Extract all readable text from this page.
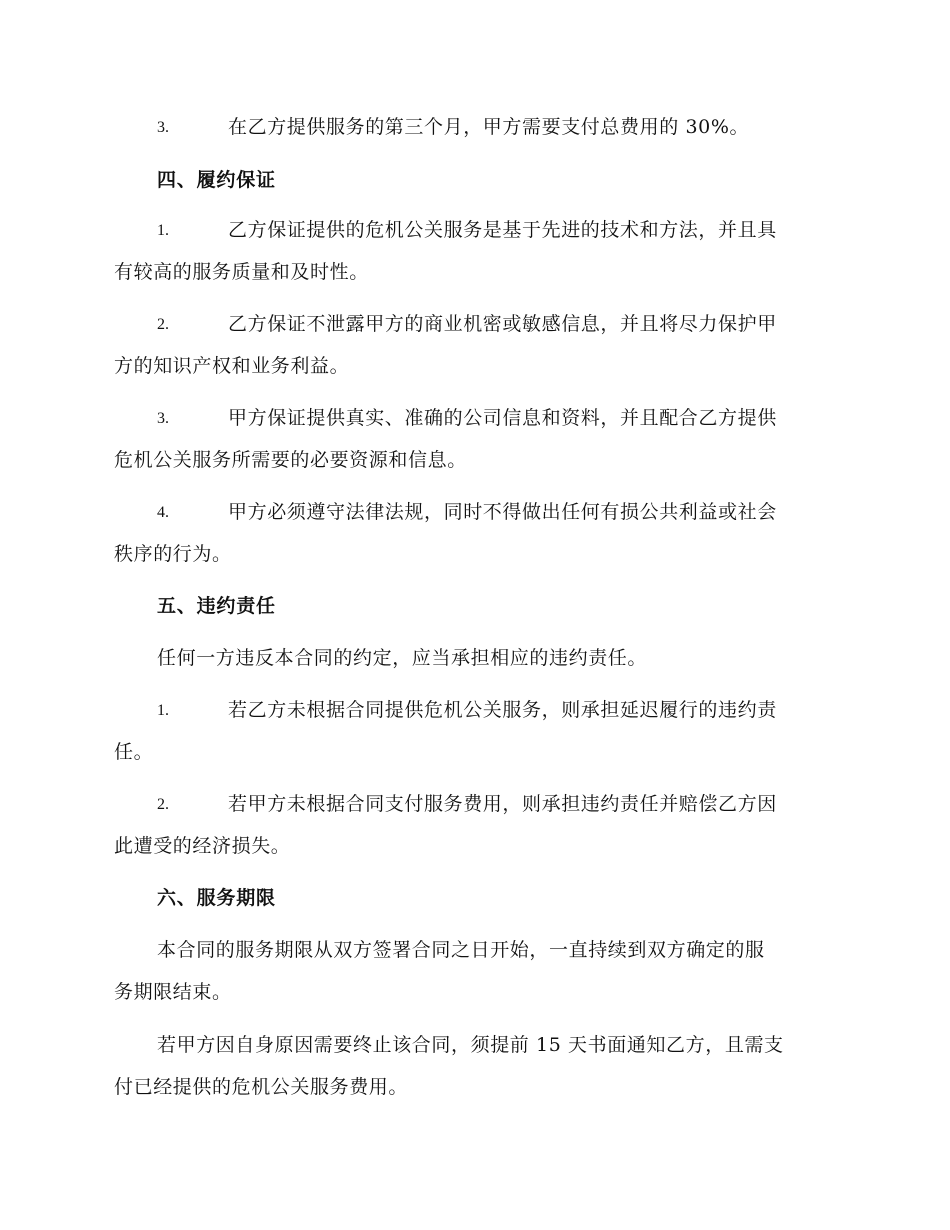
3.	在乙方提供服务的第三个月，甲方需要支付总费用的 30%。
四、履约保证
1.	乙方保证提供的危机公关服务是基于先进的技术和方法，并且具
有较高的服务质量和及时性。
2.	乙方保证不泄露甲方的商业机密或敏感信息，并且将尽力保护甲
方的知识产权和业务利益。
3.	甲方保证提供真实、准确的公司信息和资料，并且配合乙方提供
危机公关服务所需要的必要资源和信息。
4.	甲方必须遵守法律法规，同时不得做出任何有损公共利益或社会
秩序的行为。
五、违约责任
任何一方违反本合同的约定，应当承担相应的违约责任。
1.	若乙方未根据合同提供危机公关服务，则承担延迟履行的违约责
任。
2.	若甲方未根据合同支付服务费用，则承担违约责任并赔偿乙方因
此遭受的经济损失。
六、服务期限
本合同的服务期限从双方签署合同之日开始，一直持续到双方确定的服
务期限结束。
若甲方因自身原因需要终止该合同，须提前 15 天书面通知乙方，且需支
付已经提供的危机公关服务费用。
